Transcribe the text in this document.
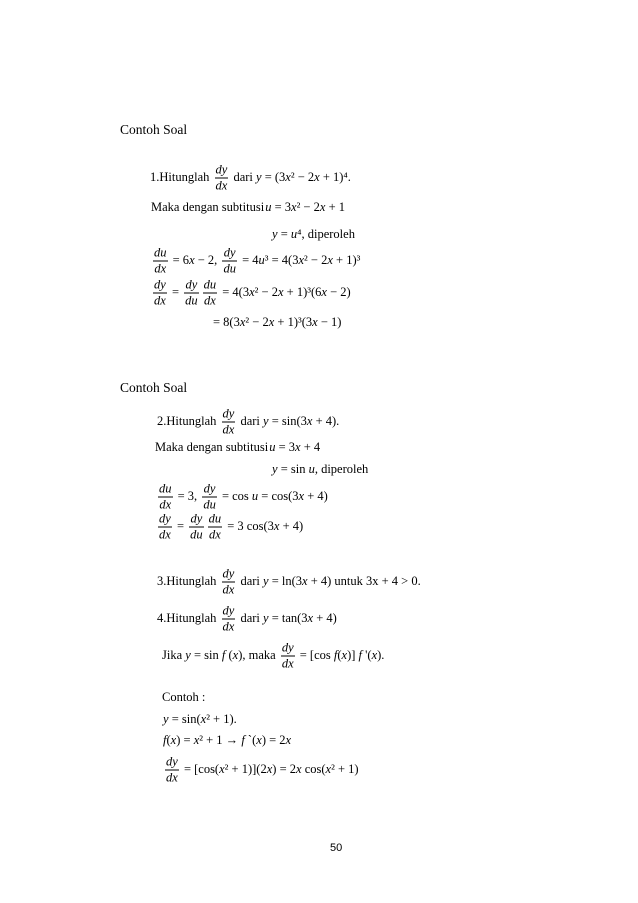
Contoh Soal
1.Hitunglah $\frac{dy}{dx}$ dari y = (3x² − 2x + 1)⁴.
Maka dengan subtitusiu = 3x² − 2x + 1
y = u⁴, diperoleh
$\frac{du}{dx} = 6x - 2$, $\frac{dy}{du} = 4u^3 = 4(3x^2 - 2x + 1)^3$
$\frac{dy}{dx} = \frac{dy}{du} \frac{du}{dx} = 4(3x^2 - 2x + 1)^3(6x - 2)$
= 8(3x² − 2x + 1)³(3x − 1)
Contoh Soal
2.Hitunglah $\frac{dy}{dx}$ dari y = sin(3x + 4).
Maka dengan subtitusiu = 3x + 4
y = sin u, diperoleh
$\frac{du}{dx} = 3$, $\frac{dy}{du} = \cos u = \cos(3x + 4)$
$\frac{dy}{dx} = \frac{dy}{du} \frac{du}{dx} = 3$ cos(3x + 4)
3.Hitunglah $\frac{dy}{dx}$ dari y = ln(3x + 4) untuk 3x + 4 > 0.
4.Hitunglah $\frac{dy}{dx}$ dari y = tan(3x + 4)
Jika y = sin f (x), maka $\frac{dy}{dx} = [\cos$ f(x)] f '(x).
Contoh :
y = sin(x² + 1).
f(x) = x² + 1 → f `(x) = 2x
$\frac{dy}{dx} = [\cos(x^2 + 1)](2x) = 2x$ cos(x² + 1)
50
